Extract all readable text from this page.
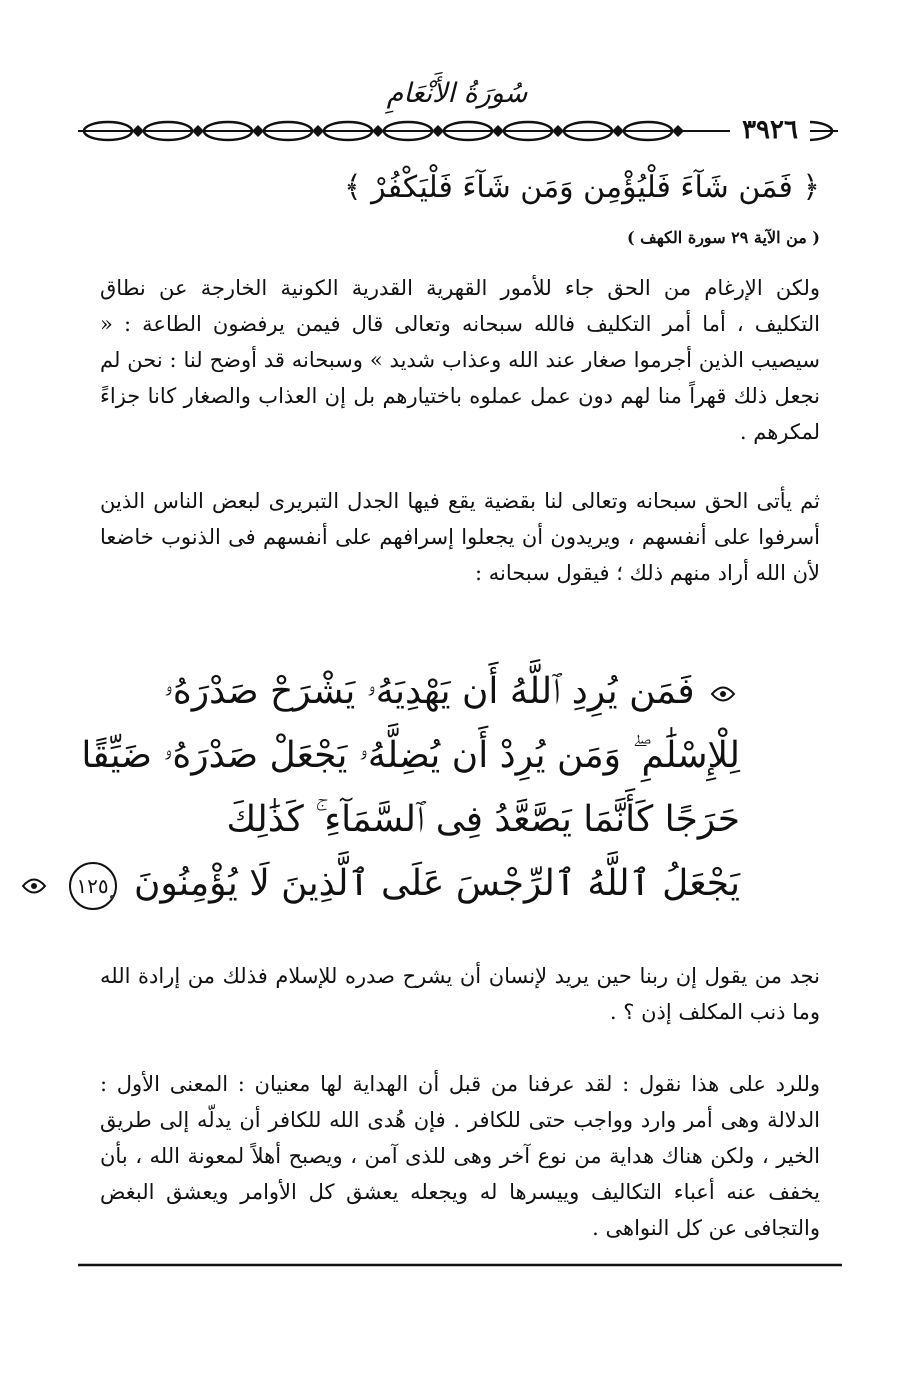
سُورَةُ الأَنْعَامِ
٣٩٢٦
﴿ فَمَن شَآءَ فَلْيُؤْمِن وَمَن شَآءَ فَلْيَكْفُرْ ﴾
( من الآية ٢٩ سورة الكهف )
ولكن الإرغام من الحق جاء للأمور القهرية القدرية الكونية الخارجة عن نطاق التكليف ، أما أمر التكليف فالله سبحانه وتعالى قال فيمن يرفضون الطاعة : « سيصيب الذين أجرموا صغار عند الله وعذاب شديد » وسبحانه قد أوضح لنا : نحن لم نجعل ذلك قهراً منا لهم دون عمل عملوه باختيارهم بل إن العذاب والصغار كانا جزاءً لمكرهم .
ثم يأتى الحق سبحانه وتعالى لنا بقضية يقع فيها الجدل التبريرى لبعض الناس الذين أسرفوا على أنفسهم ، ويريدون أن يجعلوا إسرافهم على أنفسهم فى الذنوب خاضعا لأن الله أراد منهم ذلك ؛ فيقول سبحانه :
فَمَن يُرِدِ ٱللَّهُ أَن يَهْدِيَهُۥ يَشْرَحْ صَدْرَهُۥ
لِلْإِسْلَٰمِ ۖ وَمَن يُرِدْ أَن يُضِلَّهُۥ يَجْعَلْ صَدْرَهُۥ ضَيِّقًا
حَرَجًا كَأَنَّمَا يَصَّعَّدُ فِى ٱلسَّمَآءِ ۚ كَذَٰلِكَ
يَجْعَلُ ٱللَّهُ ٱلرِّجْسَ عَلَى ٱلَّذِينَ لَا يُؤْمِنُونَ ١٢٥
نجد من يقول إن ربنا حين يريد لإنسان أن يشرح صدره للإسلام فذلك من إرادة الله وما ذنب المكلف إذن ؟ .
وللرد على هذا نقول : لقد عرفنا من قبل أن الهداية لها معنيان : المعنى الأول : الدلالة وهى أمر وارد وواجب حتى للكافر . فإن هُدى الله للكافر أن يدلّه إلى طريق الخير ، ولكن هناك هداية من نوع آخر وهى للذى آمن ، ويصبح أهلاً لمعونة الله ، بأن يخفف عنه أعباء التكاليف وييسرها له ويجعله يعشق كل الأوامر ويعشق البغض والتجافى عن كل النواهى .
